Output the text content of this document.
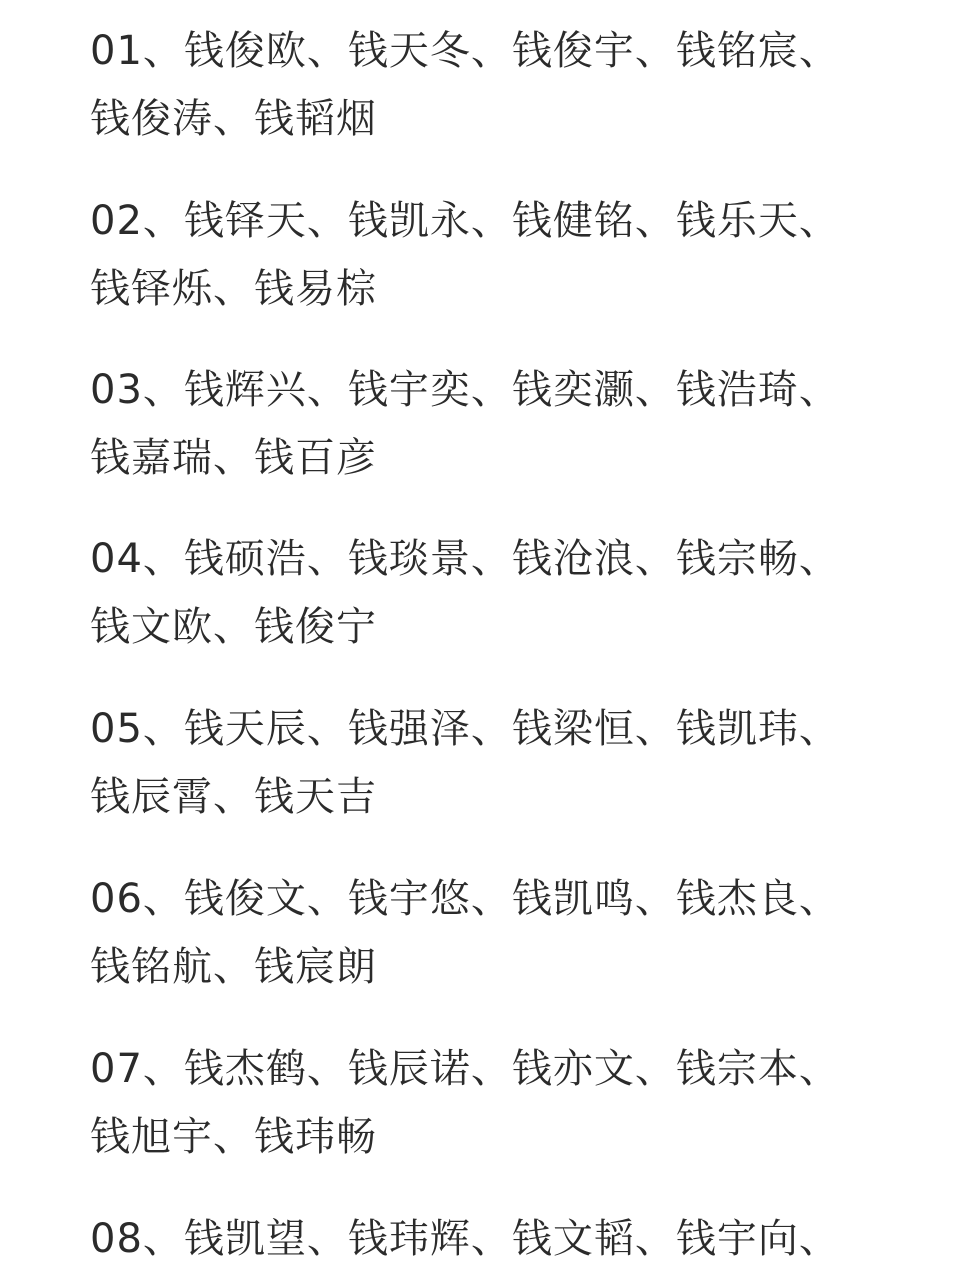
01、钱俊欧、钱天冬、钱俊宇、钱铭宸、
钱俊涛、钱韬烟
02、钱铎天、钱凯永、钱健铭、钱乐天、
钱铎烁、钱易棕
03、钱辉兴、钱宇奕、钱奕灏、钱浩琦、
钱嘉瑞、钱百彦
04、钱硕浩、钱琰景、钱沧浪、钱宗畅、
钱文欧、钱俊宁
05、钱天辰、钱强泽、钱梁恒、钱凯玮、
钱辰霄、钱天吉
06、钱俊文、钱宇悠、钱凯鸣、钱杰良、
钱铭航、钱宸朗
07、钱杰鹤、钱辰诺、钱亦文、钱宗本、
钱旭宇、钱玮畅
08、钱凯望、钱玮辉、钱文韬、钱宇向、
